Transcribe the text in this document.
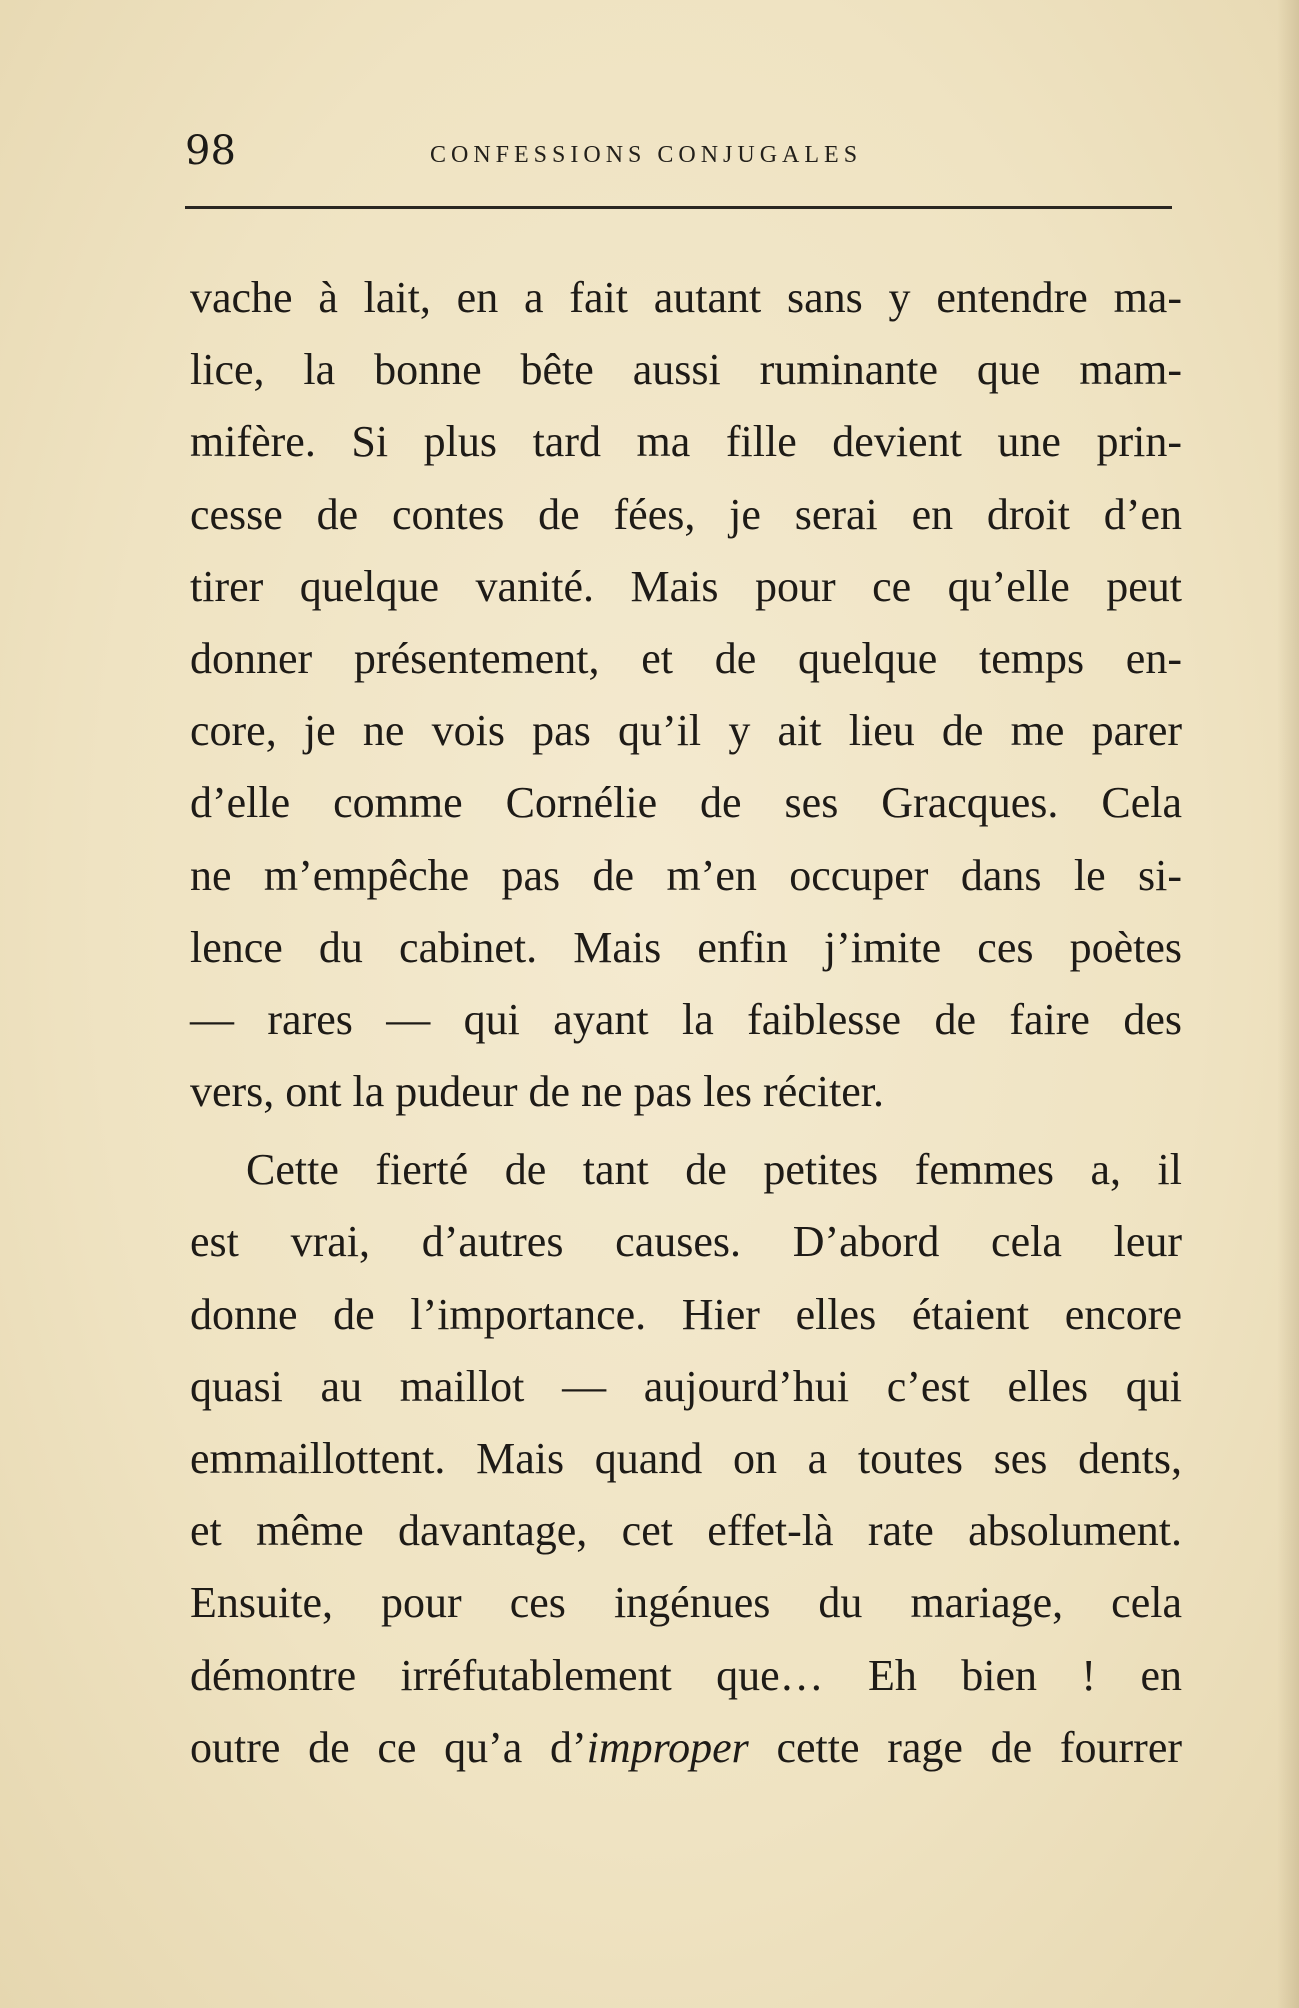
98	CONFESSIONS CONJUGALES
vache à lait, en a fait autant sans y entendre ma-
lice, la bonne bête aussi ruminante que mam-
mifère. Si plus tard ma fille devient une prin-
cesse de contes de fées, je serai en droit d’en
tirer quelque vanité. Mais pour ce qu’elle peut
donner présentement, et de quelque temps en-
core, je ne vois pas qu’il y ait lieu de me parer
d’elle comme Cornélie de ses Gracques. Cela
ne m’empêche pas de m’en occuper dans le si-
lence du cabinet. Mais enfin j’imite ces poètes
— rares — qui ayant la faiblesse de faire des
vers, ont la pudeur de ne pas les réciter.
Cette fierté de tant de petites femmes a, il
est vrai, d’autres causes. D’abord cela leur
donne de l’importance. Hier elles étaient encore
quasi au maillot — aujourd’hui c’est elles qui
emmaillottent. Mais quand on a toutes ses dents,
et même davantage, cet effet-là rate absolument.
Ensuite, pour ces ingénues du mariage, cela
démontre irréfutablement que… Eh bien ! en
outre de ce qu’a d’improper cette rage de fourrer
